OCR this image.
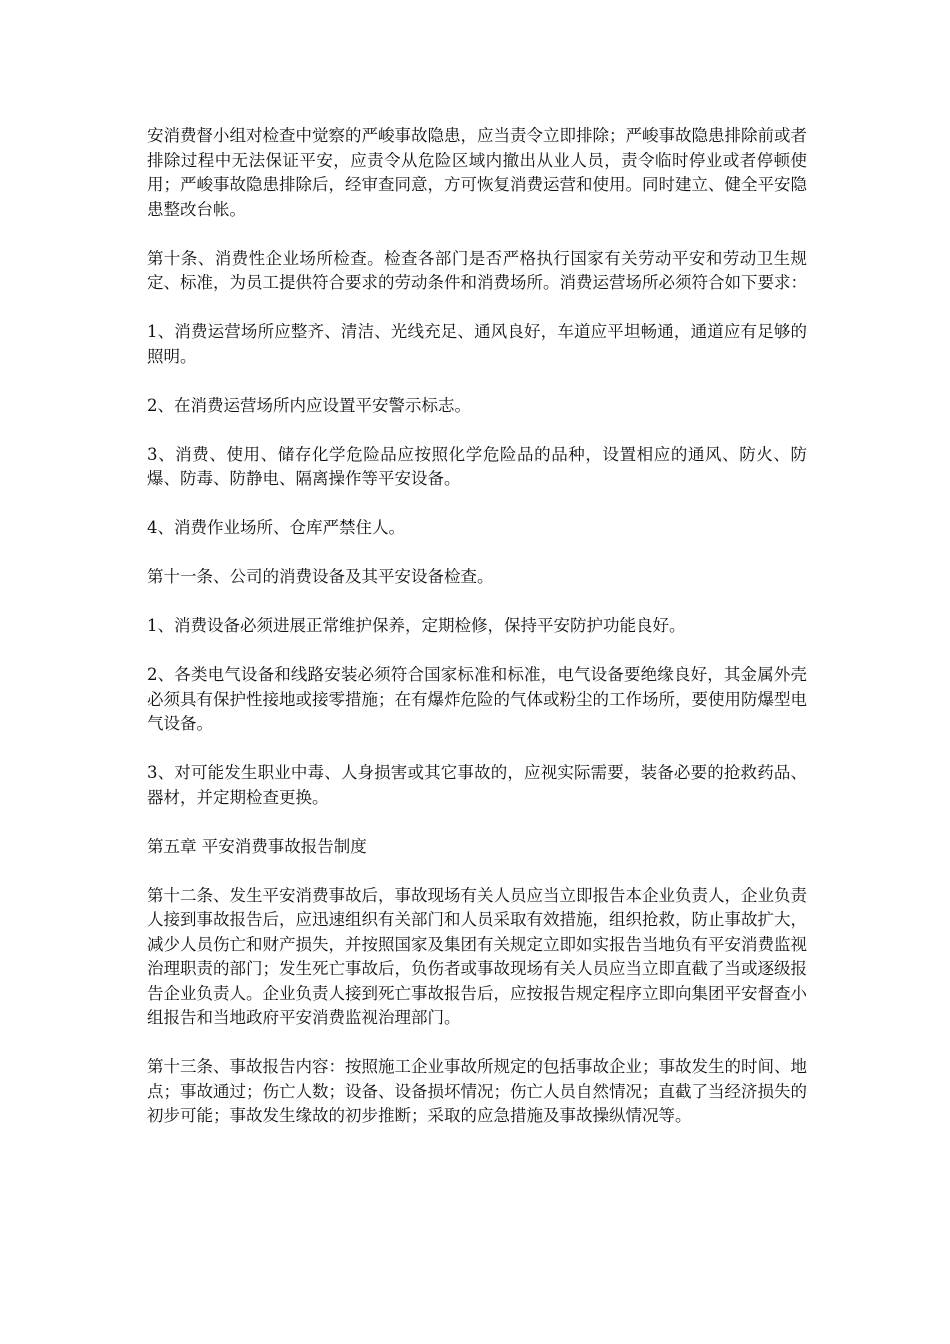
安消费督小组对检查中觉察的严峻事故隐患，应当责令立即排除；严峻事故隐患排除前或者排除过程中无法保证平安，应责令从危险区域内撤出从业人员，责令临时停业或者停顿使用；严峻事故隐患排除后，经审查同意，方可恢复消费运营和使用。同时建立、健全平安隐患整改台帐。

第十条、消费性企业场所检查。检查各部门是否严格执行国家有关劳动平安和劳动卫生规定、标准，为员工提供符合要求的劳动条件和消费场所。消费运营场所必须符合如下要求：

1、消费运营场所应整齐、清洁、光线充足、通风良好，车道应平坦畅通，通道应有足够的照明。

2、在消费运营场所内应设置平安警示标志。

3、消费、使用、储存化学危险品应按照化学危险品的品种，设置相应的通风、防火、防爆、防毒、防静电、隔离操作等平安设备。

4、消费作业场所、仓库严禁住人。

第十一条、公司的消费设备及其平安设备检查。

1、消费设备必须进展正常维护保养，定期检修，保持平安防护功能良好。

2、各类电气设备和线路安装必须符合国家标准和标准，电气设备要绝缘良好，其金属外壳必须具有保护性接地或接零措施；在有爆炸危险的气体或粉尘的工作场所，要使用防爆型电气设备。

3、对可能发生职业中毒、人身损害或其它事故的，应视实际需要，装备必要的抢救药品、器材，并定期检查更换。

第五章 平安消费事故报告制度

第十二条、发生平安消费事故后，事故现场有关人员应当立即报告本企业负责人，企业负责人接到事故报告后，应迅速组织有关部门和人员采取有效措施，组织抢救，防止事故扩大，减少人员伤亡和财产损失，并按照国家及集团有关规定立即如实报告当地负有平安消费监视治理职责的部门；发生死亡事故后，负伤者或事故现场有关人员应当立即直截了当或逐级报告企业负责人。企业负责人接到死亡事故报告后，应按报告规定程序立即向集团平安督查小组报告和当地政府平安消费监视治理部门。

第十三条、事故报告内容：按照施工企业事故所规定的包括事故企业；事故发生的时间、地点；事故通过；伤亡人数；设备、设备损坏情况；伤亡人员自然情况；直截了当经济损失的初步可能；事故发生缘故的初步推断；采取的应急措施及事故操纵情况等。
